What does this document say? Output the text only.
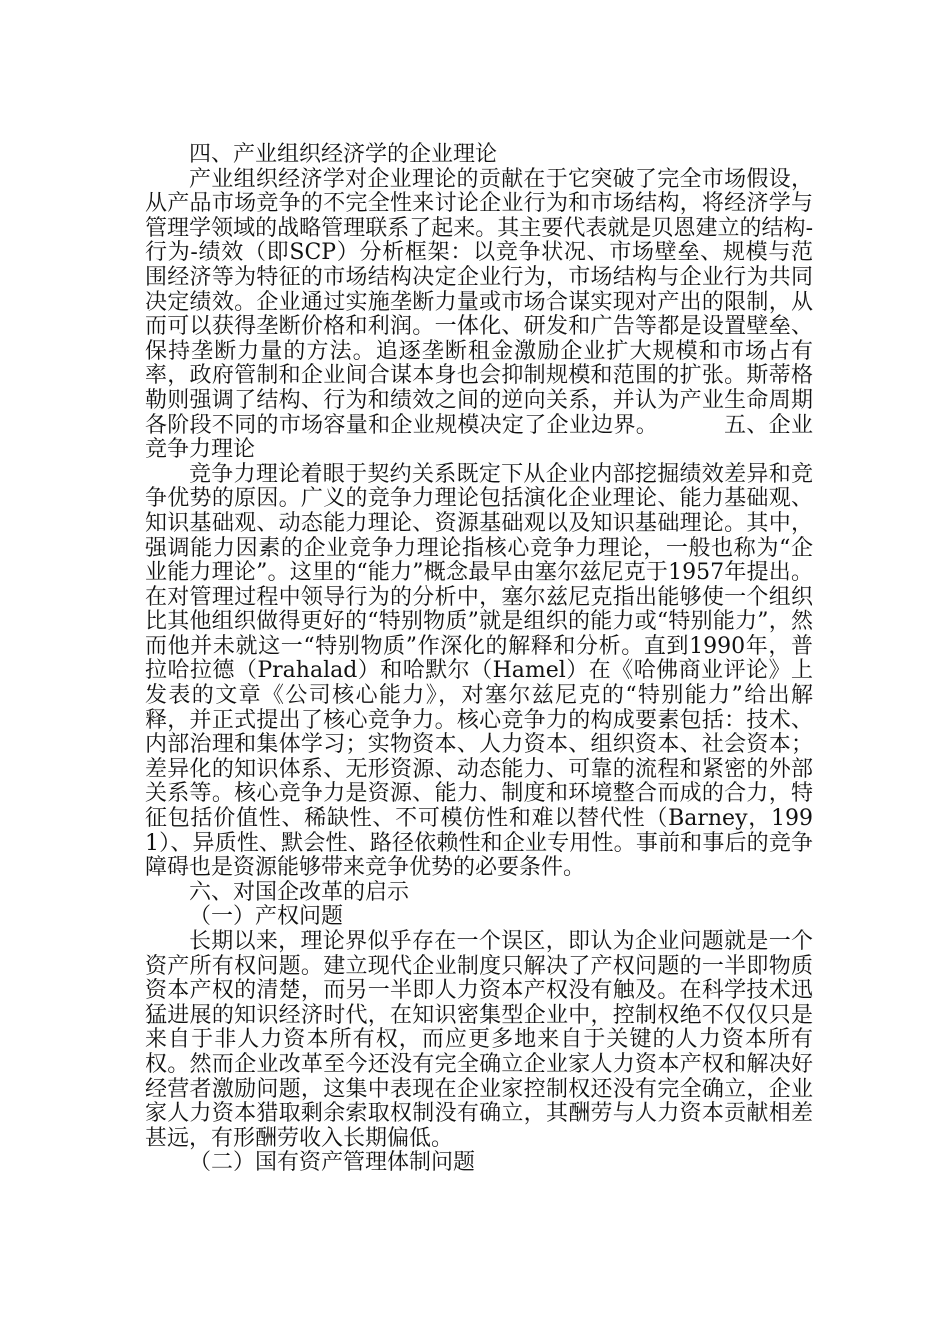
四、产业组织经济学的企业理论

产业组织经济学对企业理论的贡献在于它突破了完全市场假设，从产品市场竞争的不完全性来讨论企业行为和市场结构，将经济学与管理学领域的战略管理联系了起来。其主要代表就是贝恩建立的结构-行为-绩效（即SCP）分析框架：以竞争状况、市场壁垒、规模与范围经济等为特征的市场结构决定企业行为，市场结构与企业行为共同决定绩效。企业通过实施垄断力量或市场合谋实现对产出的限制，从而可以获得垄断价格和利润。一体化、研发和广告等都是设置壁垒、保持垄断力量的方法。追逐垄断租金激励企业扩大规模和市场占有率，政府管制和企业间合谋本身也会抑制规模和范围的扩张。斯蒂格勒则强调了结构、行为和绩效之间的逆向关系，并认为产业生命周期各阶段不同的市场容量和企业规模决定了企业边界。	五、企业竞争力理论

竞争力理论着眼于契约关系既定下从企业内部挖掘绩效差异和竞争优势的原因。广义的竞争力理论包括演化企业理论、能力基础观、知识基础观、动态能力理论、资源基础观以及知识基础理论。其中，强调能力因素的企业竞争力理论指核心竞争力理论，一般也称为“企业能力理论”。这里的“能力”概念最早由塞尔兹尼克于1957年提出。在对管理过程中领导行为的分析中，塞尔兹尼克指出能够使一个组织比其他组织做得更好的“特别物质”就是组织的能力或“特别能力”，然而他并未就这一“特别物质”作深化的解释和分析。直到1990年，普拉哈拉德（Prahalad）和哈默尔（Hamel）在《哈佛商业评论》上发表的文章《公司核心能力》，对塞尔兹尼克的“特别能力”给出解释，并正式提出了核心竞争力。核心竞争力的构成要素包括：技术、内部治理和集体学习；实物资本、人力资本、组织资本、社会资本；差异化的知识体系、无形资源、动态能力、可靠的流程和紧密的外部关系等。核心竞争力是资源、能力、制度和环境整合而成的合力，特征包括价值性、稀缺性、不可模仿性和难以替代性（Barney，1991）、异质性、默会性、路径依赖性和企业专用性。事前和事后的竞争障碍也是资源能够带来竞争优势的必要条件。

六、对国企改革的启示

（一）产权问题

长期以来，理论界似乎存在一个误区，即认为企业问题就是一个资产所有权问题。建立现代企业制度只解决了产权问题的一半即物质资本产权的清楚，而另一半即人力资本产权没有触及。在科学技术迅猛进展的知识经济时代，在知识密集型企业中，控制权绝不仅仅只是来自于非人力资本所有权，而应更多地来自于关键的人力资本所有权。然而企业改革至今还没有完全确立企业家人力资本产权和解决好经营者激励问题，这集中表现在企业家控制权还没有完全确立，企业家人力资本猎取剩余索取权制没有确立，其酬劳与人力资本贡献相差甚远，有形酬劳收入长期偏低。

（二）国有资产管理体制问题
